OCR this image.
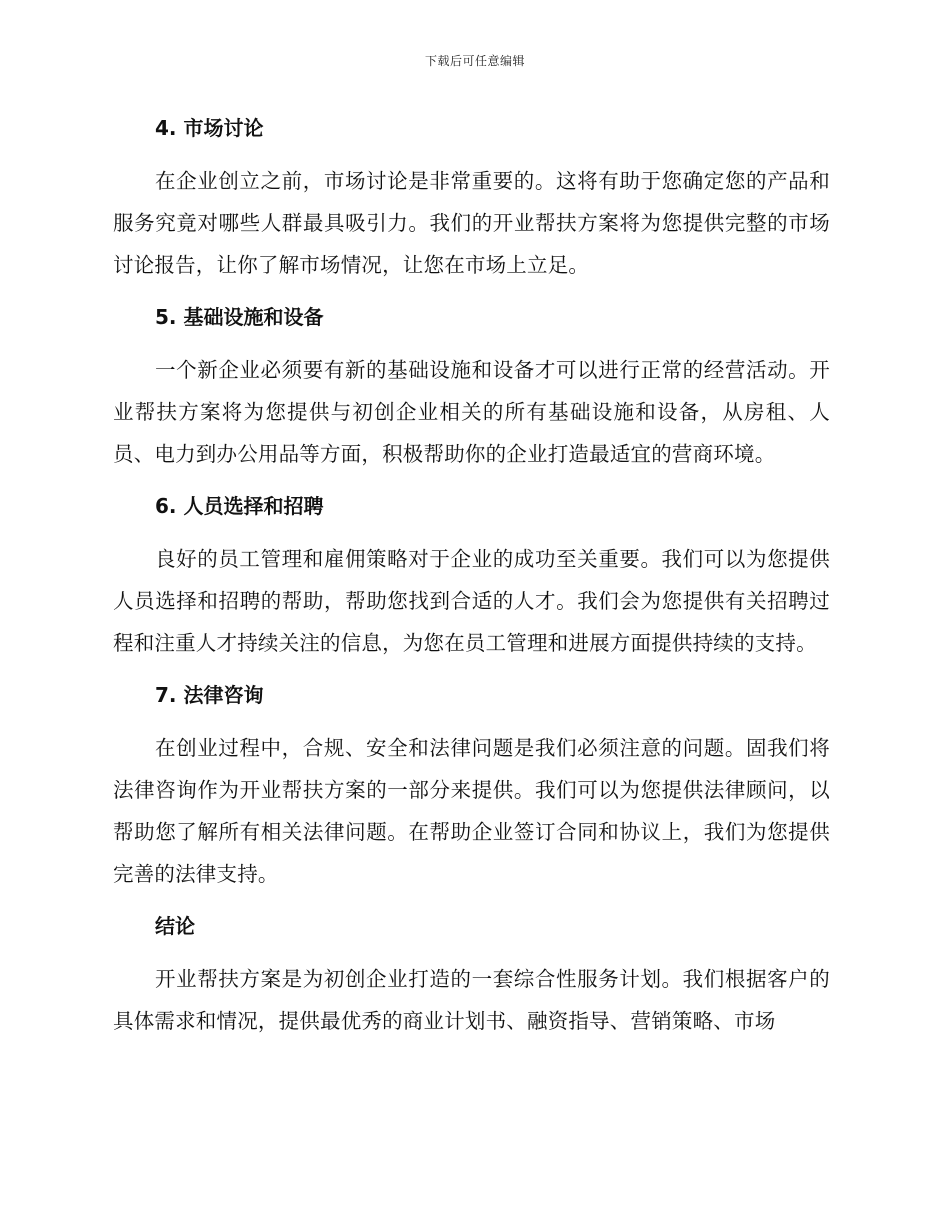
下载后可任意编辑
4. 市场讨论

在企业创立之前，市场讨论是非常重要的。这将有助于您确定您的产品和服务究竟对哪些人群最具吸引力。我们的开业帮扶方案将为您提供完整的市场讨论报告，让你了解市场情况，让您在市场上立足。

5. 基础设施和设备

一个新企业必须要有新的基础设施和设备才可以进行正常的经营活动。开业帮扶方案将为您提供与初创企业相关的所有基础设施和设备，从房租、人员、电力到办公用品等方面，积极帮助你的企业打造最适宜的营商环境。

6. 人员选择和招聘

良好的员工管理和雇佣策略对于企业的成功至关重要。我们可以为您提供人员选择和招聘的帮助，帮助您找到合适的人才。我们会为您提供有关招聘过程和注重人才持续关注的信息，为您在员工管理和进展方面提供持续的支持。

7. 法律咨询

在创业过程中，合规、安全和法律问题是我们必须注意的问题。固我们将法律咨询作为开业帮扶方案的一部分来提供。我们可以为您提供法律顾问，以帮助您了解所有相关法律问题。在帮助企业签订合同和协议上，我们为您提供完善的法律支持。

结论

开业帮扶方案是为初创企业打造的一套综合性服务计划。我们根据客户的具体需求和情况，提供最优秀的商业计划书、融资指导、营销策略、市场
